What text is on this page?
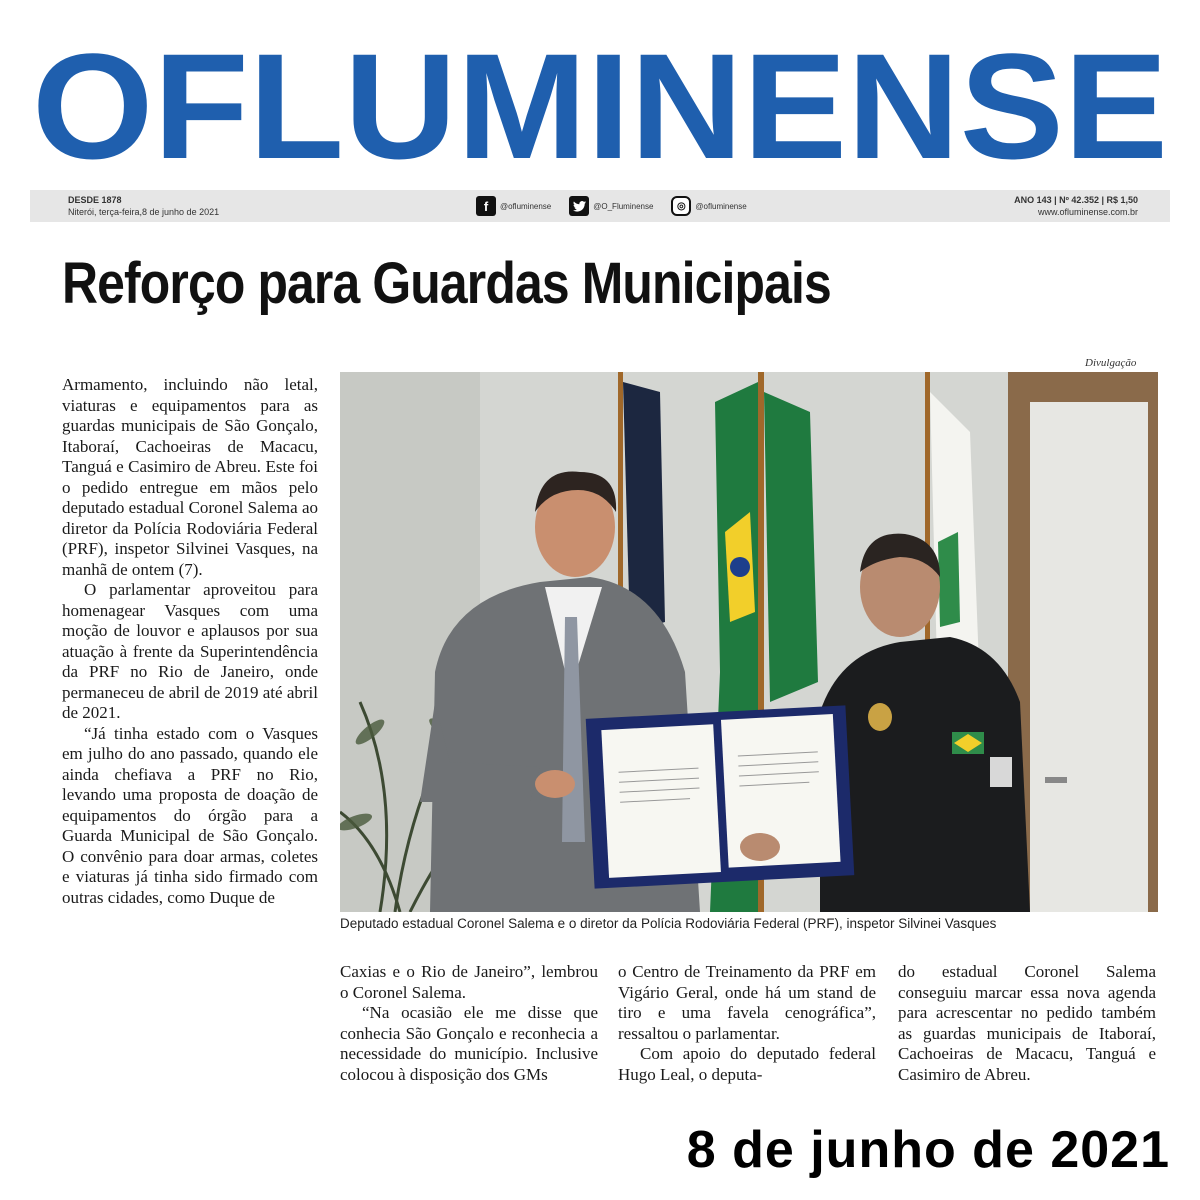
OFLUMINENSE
DESDE 1878
Niterói, terça-feira,8 de junho de 2021	f	@ofluminense	@O_Fluminense	◎	@ofluminense
ANO 143 | Nº 42.352 | R$ 1,50
www.ofluminense.com.br
Reforço para Guardas Municipais
Divulgação
Deputado estadual Coronel Salema e o diretor da Polícia Rodoviária Federal (PRF), inspetor Silvinei Vasques

Armamento, incluindo não letal, viaturas e equipamentos para as guardas municipais de São Gonçalo, Itaboraí, Cachoeiras de Macacu, Tanguá e Casimiro de Abreu. Este foi o pedido entregue em mãos pelo deputado estadual Coronel Salema ao diretor da Polícia Rodoviária Federal (PRF), inspetor Silvinei Vasques, na manhã de ontem (7).

O parlamentar aproveitou para homenagear Vasques com uma moção de louvor e aplausos por sua atuação à frente da Superintendência da PRF no Rio de Janeiro, onde permaneceu de abril de 2019 até abril de 2021.

“Já tinha estado com o Vasques em julho do ano passado, quando ele ainda chefiava a PRF no Rio, levando uma proposta de doação de equipamentos do órgão para a Guarda Municipal de São Gonçalo. O convênio para doar armas, coletes e viaturas já tinha sido firmado com outras cidades, como Duque de

Caxias e o Rio de Janeiro”, lembrou o Coronel Salema.

“Na ocasião ele me disse que conhecia São Gonçalo e reconhecia a necessidade do município. Inclusive colocou à disposição dos GMs

o Centro de Treinamento da PRF em Vigário Geral, onde há um stand de tiro e uma favela cenográfica”, ressaltou o parlamentar.

Com apoio do deputado federal Hugo Leal, o deputa-

do estadual Coronel Salema conseguiu marcar essa nova agenda para acrescentar no pedido também as guardas municipais de Itaboraí, Cachoeiras de Macacu, Tanguá e Casimiro de Abreu.

8 de junho de 2021
